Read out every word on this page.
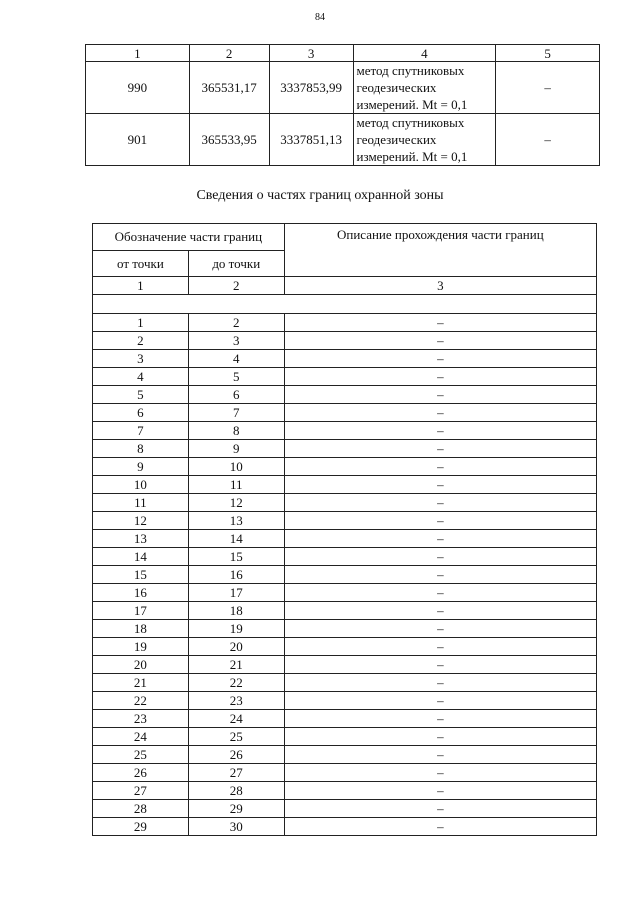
84
1	2	3	4	5
990	365531,17	3337853,99	метод спутниковых
геодезических
измерений. Mt = 0,1	–
901	365533,95	3337851,13	метод спутниковых
геодезических
измерений. Mt = 0,1	–
Сведения о частях границ охранной зоны
Обозначение части границ		Описание прохождения части границ
от точки	до точки	
1	2	3

1	2	–
2	3	–
3	4	–
4	5	–
5	6	–
6	7	–
7	8	–
8	9	–
9	10	–
10	11	–
11	12	–
12	13	–
13	14	–
14	15	–
15	16	–
16	17	–
17	18	–
18	19	–
19	20	–
20	21	–
21	22	–
22	23	–
23	24	–
24	25	–
25	26	–
26	27	–
27	28	–
28	29	–
29	30	–
